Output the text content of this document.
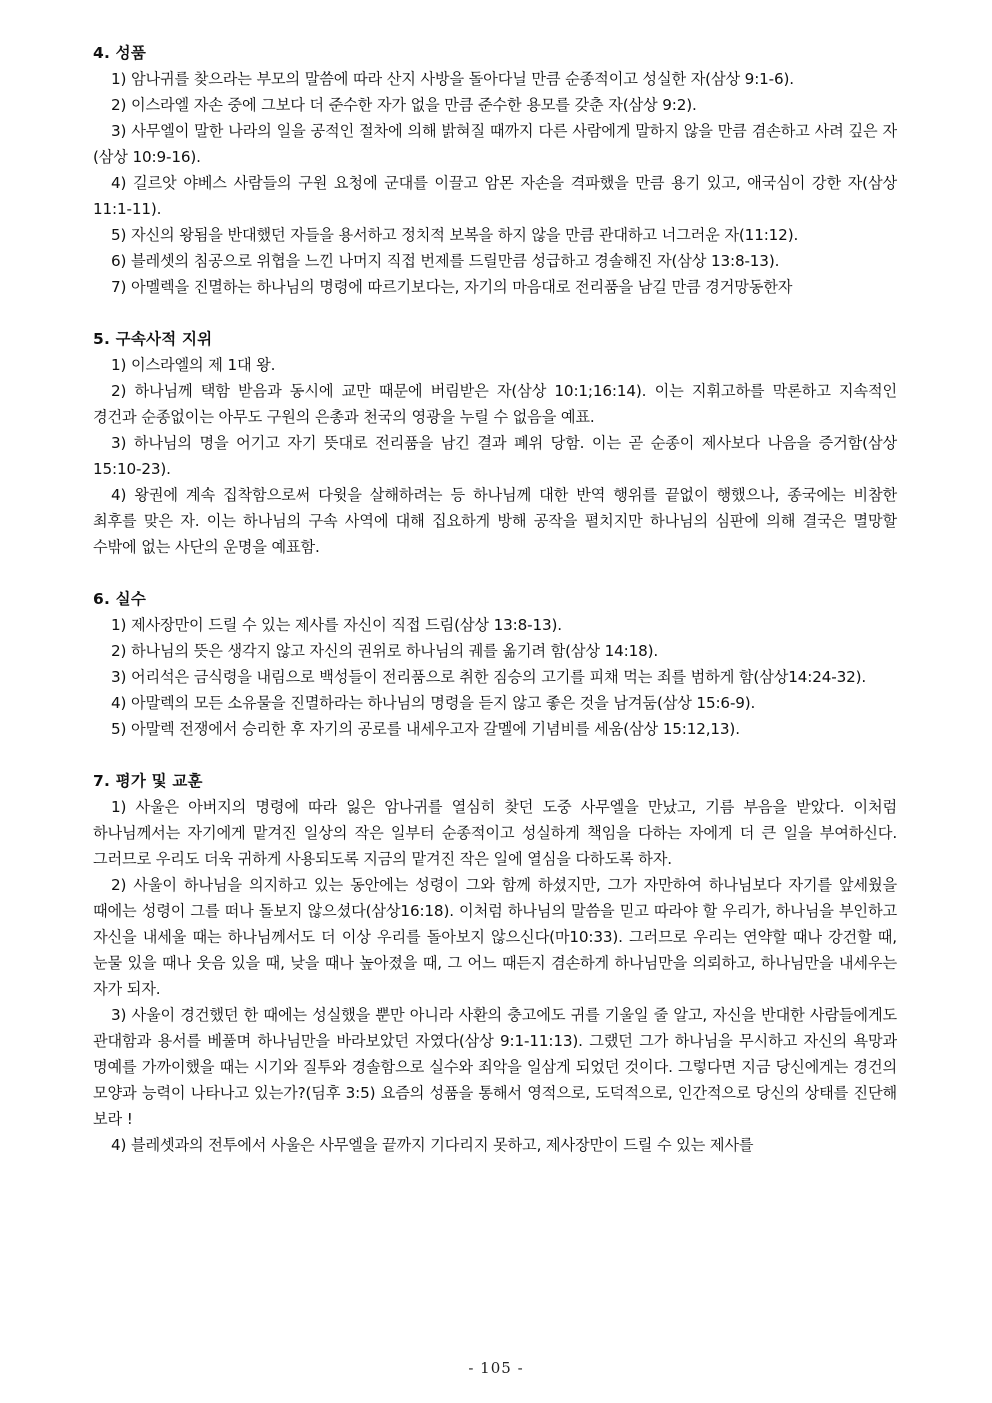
4. 성품
1) 암나귀를 찾으라는 부모의 말씀에 따라 산지 사방을 돌아다닐 만큼 순종적이고 성실한 자(삼상 9:1-6).
2) 이스라엘 자손 중에 그보다 더 준수한 자가 없을 만큼 준수한 용모를 갖춘 자(삼상 9:2).
3) 사무엘이 말한 나라의 일을 공적인 절차에 의해 밝혀질 때까지 다른 사람에게 말하지 않을 만큼 겸손하고 사려 깊은 자(삼상 10:9-16).
4) 길르앗 야베스 사람들의 구원 요청에 군대를 이끌고 암몬 자손을 격파했을 만큼 용기 있고, 애국심이 강한 자(삼상 11:1-11).
5) 자신의 왕됨을 반대했던 자들을 용서하고 정치적 보복을 하지 않을 만큼 관대하고 너그러운 자(11:12).
6) 블레셋의 침공으로 위협을 느낀 나머지 직접 번제를 드릴만큼 성급하고 경솔해진 자(삼상 13:8-13).
7) 아멜렉을 진멸하는 하나님의 명령에 따르기보다는, 자기의 마음대로 전리품을 남길 만큼 경거망동한자
5. 구속사적 지위
1) 이스라엘의 제 1대 왕.
2) 하나님께 택함 받음과 동시에 교만 때문에 버림받은 자(삼상 10:1;16:14). 이는 지휘고하를 막론하고 지속적인 경건과 순종없이는 아무도 구원의 은총과 천국의 영광을 누릴 수 없음을 예표.
3) 하나님의 명을 어기고 자기 뜻대로 전리품을 남긴 결과 폐위 당함. 이는 곧 순종이 제사보다 나음을 증거함(삼상 15:10-23).
4) 왕권에 계속 집착함으로써 다윗을 살해하려는 등 하나님께 대한 반역 행위를 끝없이 행했으나, 종국에는 비참한 최후를 맞은 자. 이는 하나님의 구속 사역에 대해 집요하게 방해 공작을 펼치지만 하나님의 심판에 의해 결국은 멸망할 수밖에 없는 사단의 운명을 예표함.
6. 실수
1) 제사장만이 드릴 수 있는 제사를 자신이 직접 드림(삼상 13:8-13).
2) 하나님의 뜻은 생각지 않고 자신의 권위로 하나님의 궤를 옮기려 함(삼상 14:18).
3) 어리석은 금식령을 내림으로 백성들이 전리품으로 취한 짐승의 고기를 피채 먹는 죄를 범하게 함(삼상14:24-32).
4) 아말렉의 모든 소유물을 진멸하라는 하나님의 명령을 듣지 않고 좋은 것을 남겨둠(삼상 15:6-9).
5) 아말렉 전쟁에서 승리한 후 자기의 공로를 내세우고자 갈멜에 기념비를 세움(삼상 15:12,13).
7. 평가 및 교훈
1) 사울은 아버지의 명령에 따라 잃은 암나귀를 열심히 찾던 도중 사무엘을 만났고, 기름 부음을 받았다. 이처럼 하나님께서는 자기에게 맡겨진 일상의 작은 일부터 순종적이고 성실하게 책임을 다하는 자에게 더 큰 일을 부여하신다. 그러므로 우리도 더욱 귀하게 사용되도록 지금의 맡겨진 작은 일에 열심을 다하도록 하자.
2) 사울이 하나님을 의지하고 있는 동안에는 성령이 그와 함께 하셨지만, 그가 자만하여 하나님보다 자기를 앞세웠을 때에는 성령이 그를 떠나 돌보지 않으셨다(삼상16:18). 이처럼 하나님의 말씀을 믿고 따라야 할 우리가, 하나님을 부인하고 자신을 내세울 때는 하나님께서도 더 이상 우리를 돌아보지 않으신다(마10:33). 그러므로 우리는 연약할 때나 강건할 때, 눈물 있을 때나 웃음 있을 때, 낮을 때나 높아졌을 때, 그 어느 때든지 겸손하게 하나님만을 의뢰하고, 하나님만을 내세우는 자가 되자.
3) 사울이 경건했던 한 때에는 성실했을 뿐만 아니라 사환의 충고에도 귀를 기울일 줄 알고, 자신을 반대한 사람들에게도 관대함과 용서를 베풀며 하나님만을 바라보았던 자였다(삼상 9:1-11:13). 그랬던 그가 하나님을 무시하고 자신의 욕망과 명예를 가까이했을 때는 시기와 질투와 경솔함으로 실수와 죄악을 일삼게 되었던 것이다. 그렇다면 지금 당신에게는 경건의 모양과 능력이 나타나고 있는가?(딤후 3:5) 요즘의 성품을 통해서 영적으로, 도덕적으로, 인간적으로 당신의 상태를 진단해 보라 !
4) 블레셋과의 전투에서 사울은 사무엘을 끝까지 기다리지 못하고, 제사장만이 드릴 수 있는 제사를
- 105 -
